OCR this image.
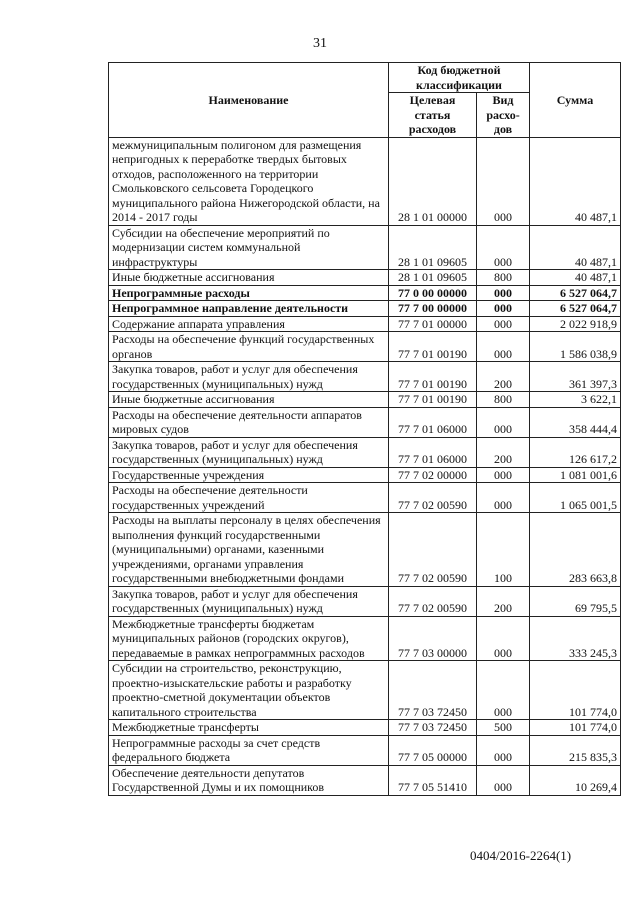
31
Наименование	Код бюджетной классификации		Сумма
	Целевая статья расходов	Вид расхо-дов	
межмуниципальным полигоном для размещения непригодных к переработке твердых бытовых отходов, расположенного на территории Смольковского сельсовета Городецкого муниципального района Нижегородской области, на 2014 - 2017 годы	28 1 01 00000	000	40 487,1
Субсидии на обеспечение мероприятий по модернизации систем коммунальной инфраструктуры	28 1 01 09605	000	40 487,1
Иные бюджетные ассигнования	28 1 01 09605	800	40 487,1
Непрограммные расходы	77 0 00 00000	000	6 527 064,7
Непрограммное направление деятельности	77 7 00 00000	000	6 527 064,7
Содержание аппарата управления	77 7 01 00000	000	2 022 918,9
Расходы на обеспечение функций государственных органов	77 7 01 00190	000	1 586 038,9
Закупка товаров, работ и услуг для обеспечения государственных (муниципальных) нужд	77 7 01 00190	200	361 397,3
Иные бюджетные ассигнования	77 7 01 00190	800	3 622,1
Расходы на обеспечение деятельности аппаратов мировых судов	77 7 01 06000	000	358 444,4
Закупка товаров, работ и услуг для обеспечения государственных (муниципальных) нужд	77 7 01 06000	200	126 617,2
Государственные учреждения	77 7 02 00000	000	1 081 001,6
Расходы на обеспечение деятельности государственных учреждений	77 7 02 00590	000	1 065 001,5
Расходы на выплаты персоналу в целях обеспечения выполнения функций государственными (муниципальными) органами, казенными учреждениями, органами управления государственными внебюджетными фондами	77 7 02 00590	100	283 663,8
Закупка товаров, работ и услуг для обеспечения государственных (муниципальных) нужд	77 7 02 00590	200	69 795,5
Межбюджетные трансферты бюджетам муниципальных районов (городских округов), передаваемые в рамках непрограммных расходов	77 7 03 00000	000	333 245,3
Субсидии на строительство, реконструкцию, проектно-изыскательские работы и разработку проектно-сметной документации объектов капитального строительства	77 7 03 72450	000	101 774,0
Межбюджетные трансферты	77 7 03 72450	500	101 774,0
Непрограммные расходы за счет средств федерального бюджета	77 7 05 00000	000	215 835,3
Обеспечение деятельности депутатов Государственной Думы и их помощников	77 7 05 51410	000	10 269,4
0404/2016-2264(1)
